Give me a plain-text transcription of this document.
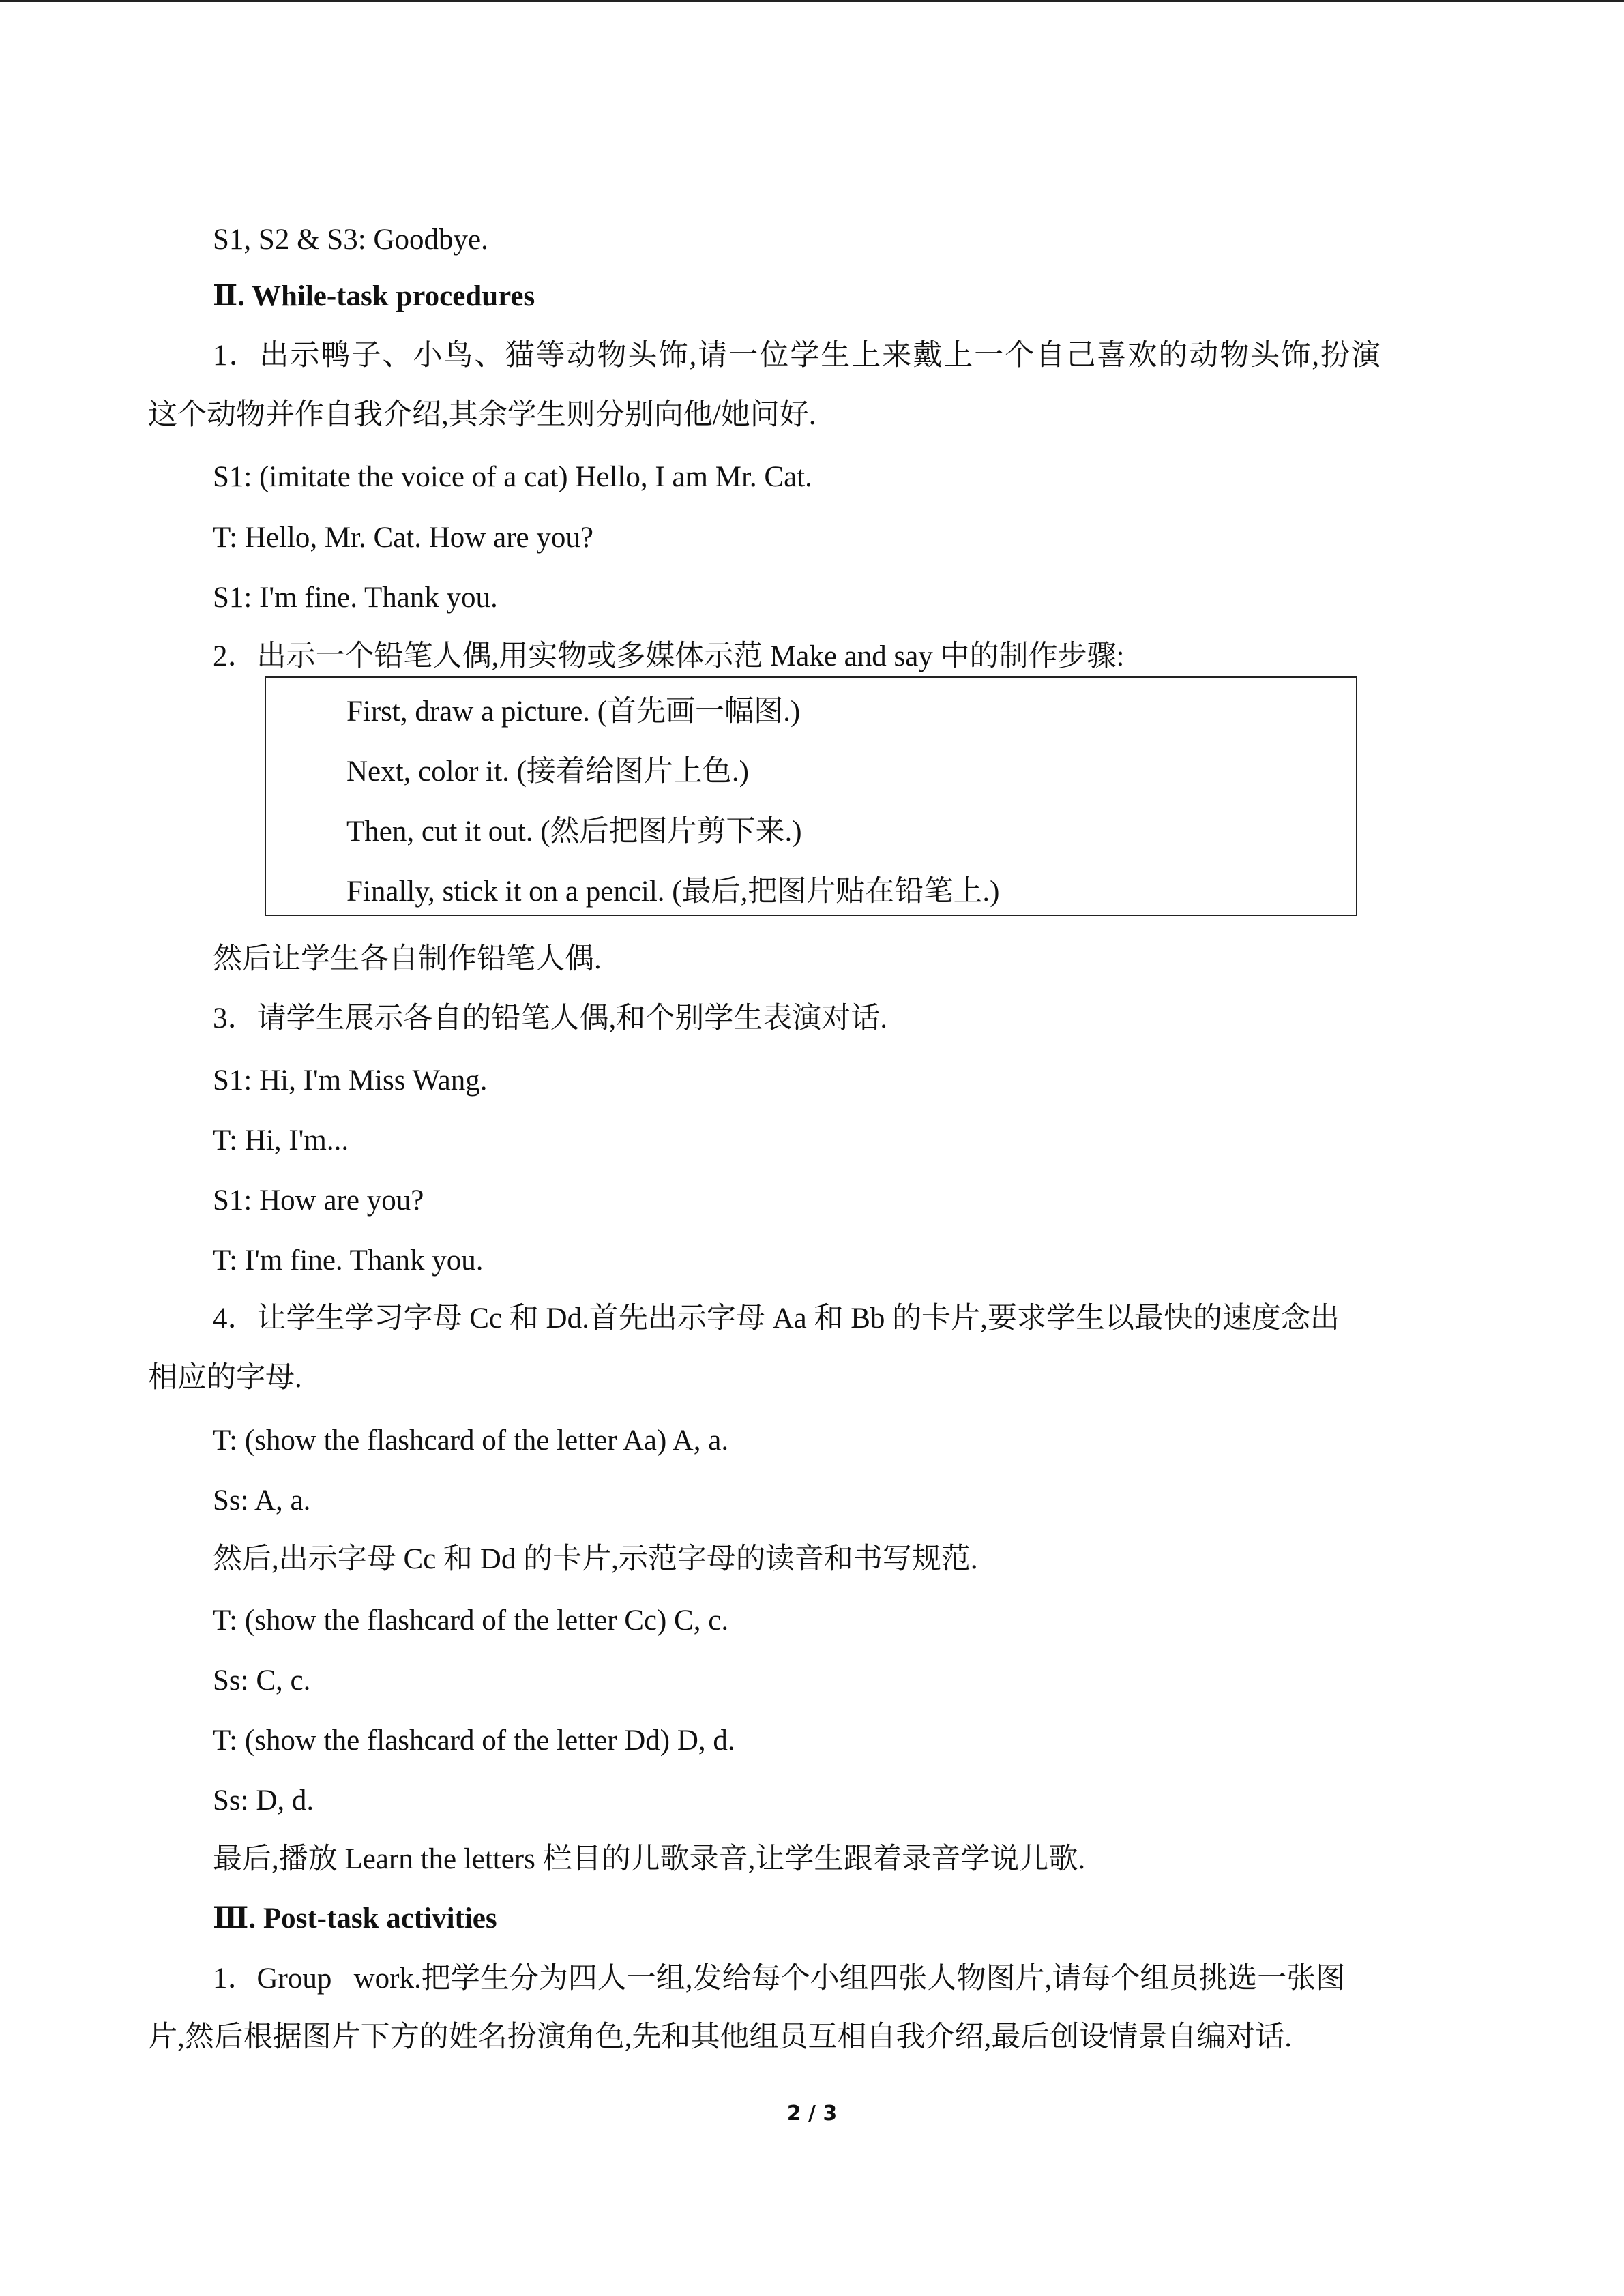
S1, S2 & S3: Goodbye.

Ⅱ. While-task procedures

1．出示鸭子、小鸟、猫等动物头饰,请一位学生上来戴上一个自己喜欢的动物头饰,扮演

这个动物并作自我介绍,其余学生则分别向他/她问好.

S1: (imitate the voice of a cat) Hello, I am Mr. Cat.

T: Hello, Mr. Cat. How are you?

S1: I'm fine. Thank you.

2．出示一个铅笔人偶,用实物或多媒体示范 Make and say 中的制作步骤:

First, draw a picture. (首先画一幅图.)

Next, color it. (接着给图片上色.)

Then, cut it out. (然后把图片剪下来.)

Finally, stick it on a pencil. (最后,把图片贴在铅笔上.)

然后让学生各自制作铅笔人偶.

3．请学生展示各自的铅笔人偶,和个别学生表演对话.

S1: Hi, I'm Miss Wang.

T: Hi, I'm...

S1: How are you?

T: I'm fine. Thank you.

4．让学生学习字母 Cc 和 Dd.首先出示字母 Aa 和 Bb 的卡片,要求学生以最快的速度念出

相应的字母.

T: (show the flashcard of the letter Aa) A, a.

Ss: A, a.

然后,出示字母 Cc 和 Dd 的卡片,示范字母的读音和书写规范.

T: (show the flashcard of the letter Cc) C, c.

Ss: C, c.

T: (show the flashcard of the letter Dd) D, d.

Ss: D, d.

最后,播放 Learn the letters 栏目的儿歌录音,让学生跟着录音学说儿歌.

Ⅲ. Post-task activities

1．Group   work.把学生分为四人一组,发给每个小组四张人物图片,请每个组员挑选一张图

片,然后根据图片下方的姓名扮演角色,先和其他组员互相自我介绍,最后创设情景自编对话.

2 / 3
